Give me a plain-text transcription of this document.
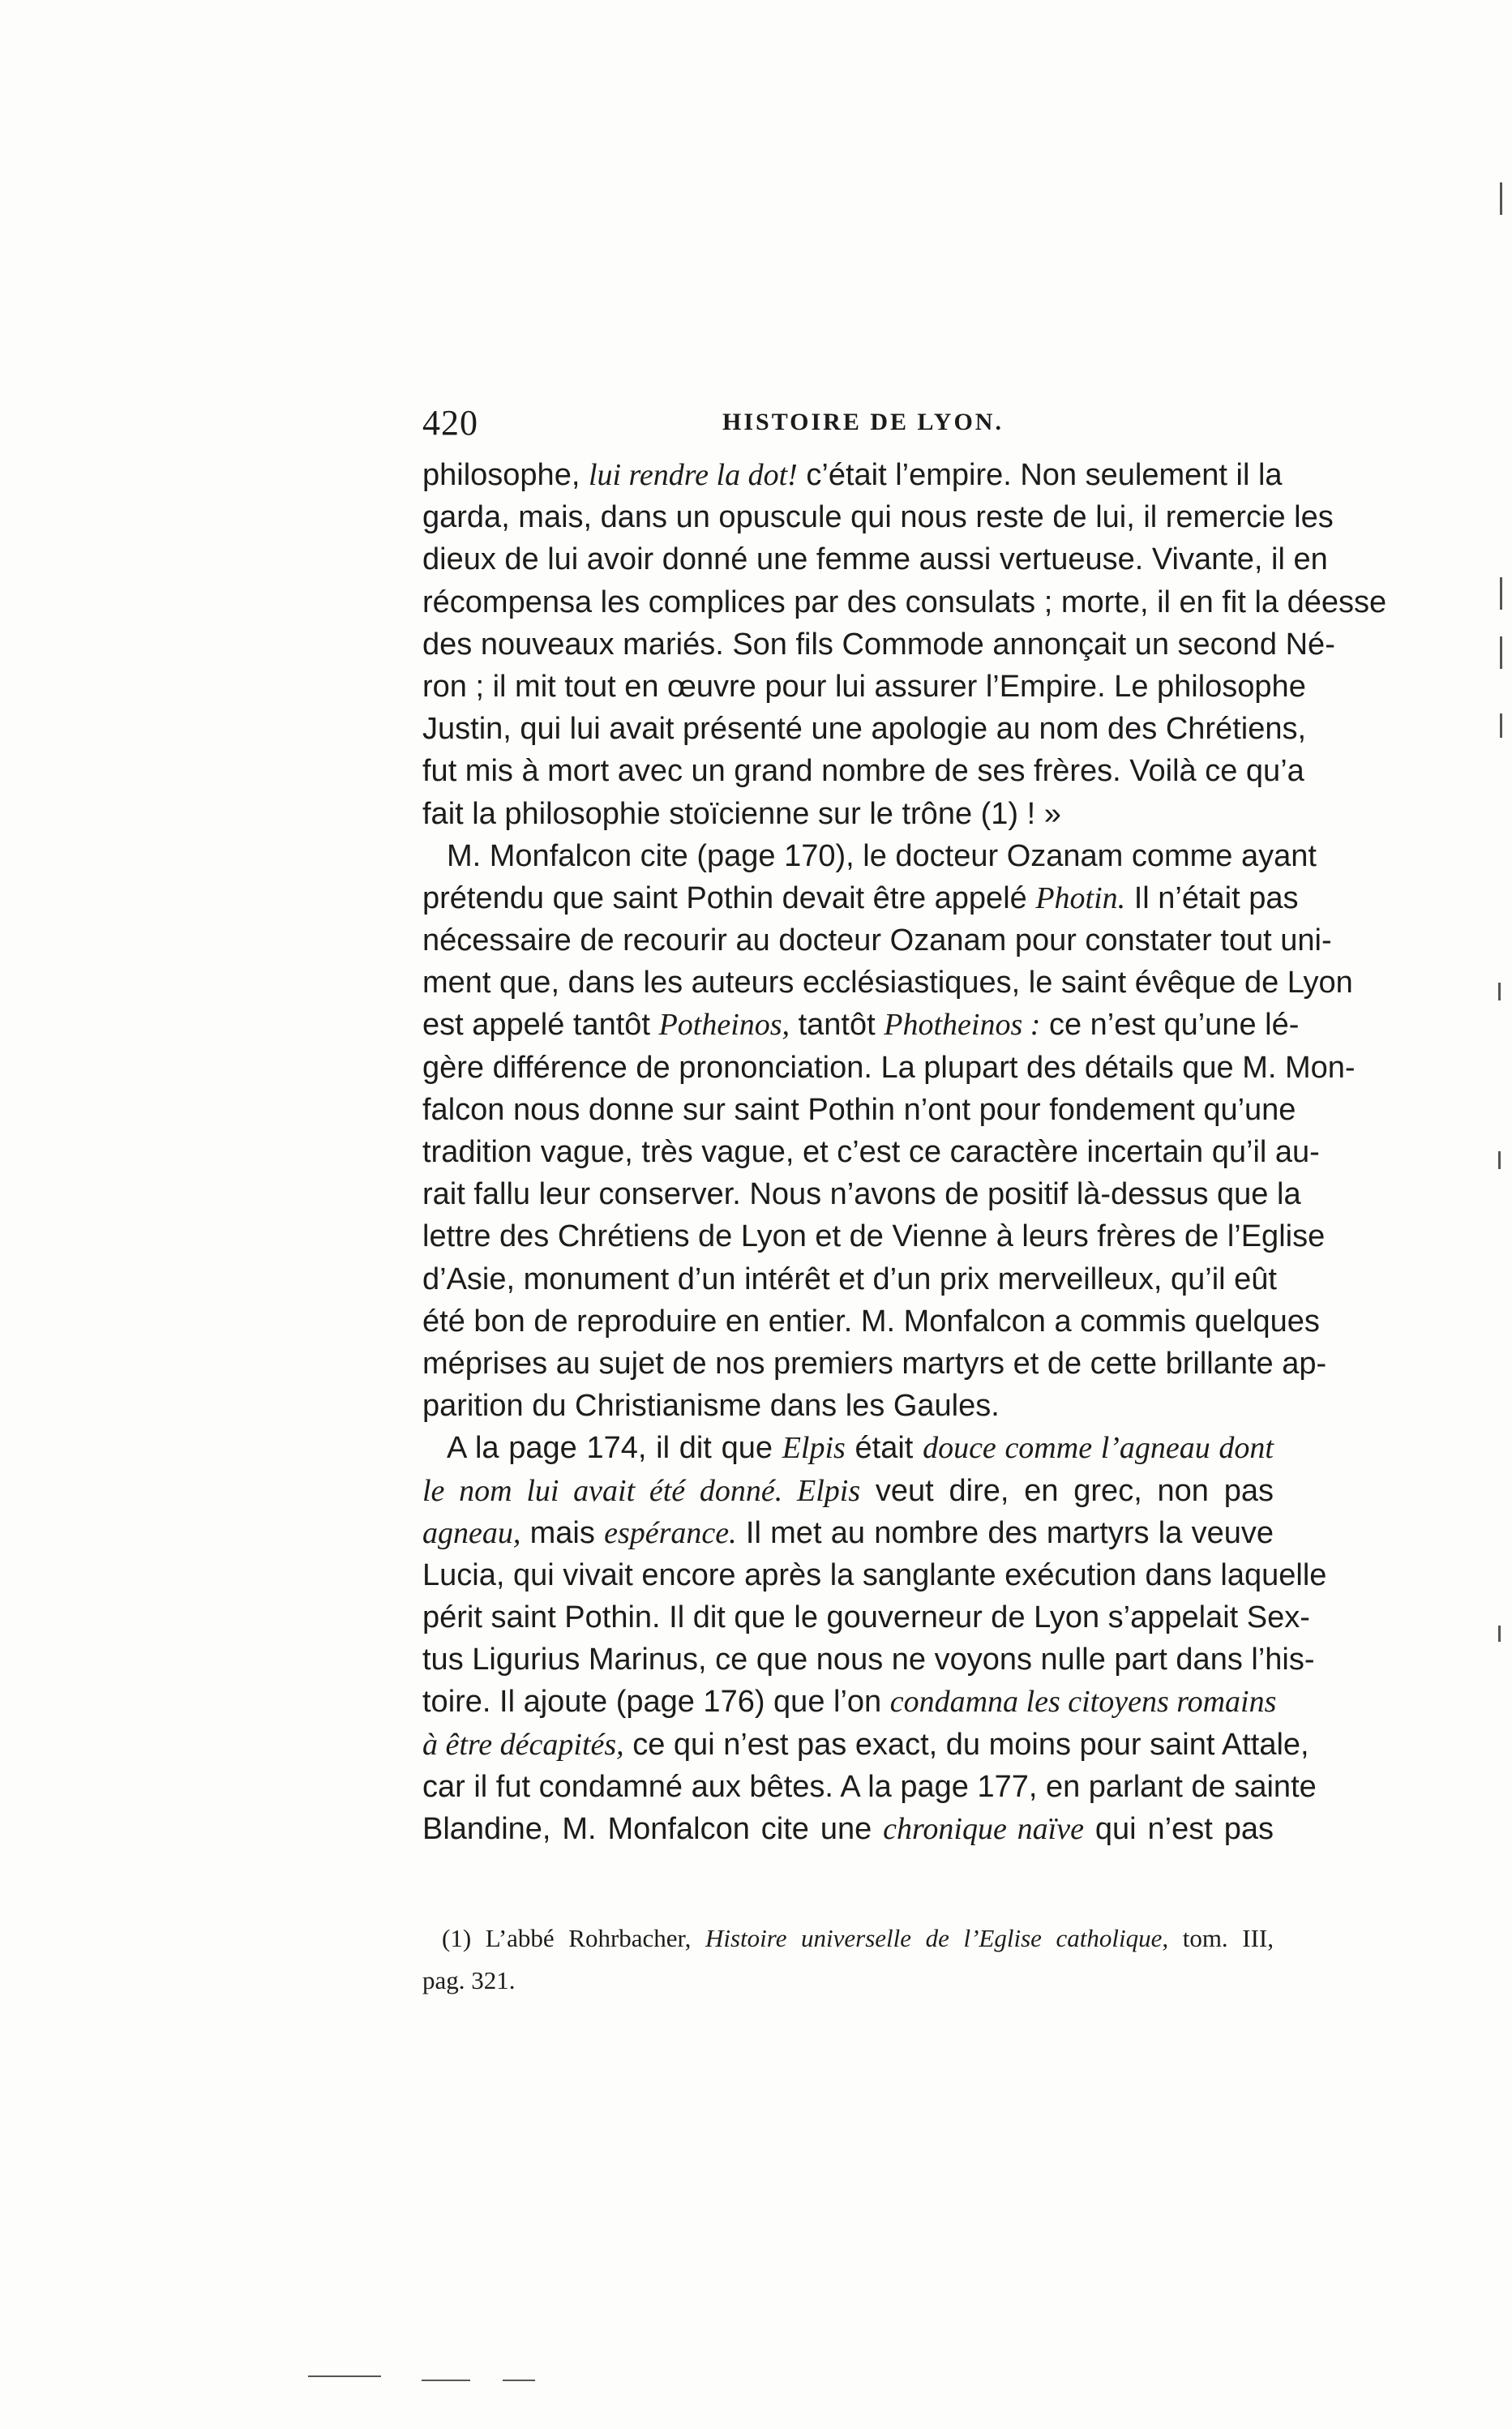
420	HISTOIRE DE LYON.
philosophe, lui rendre la dot! c’était l’empire. Non seulement il la
garda, mais, dans un opuscule qui nous reste de lui, il remercie les
dieux de lui avoir donné une femme aussi vertueuse. Vivante, il en
récompensa les complices par des consulats ; morte, il en fit la déesse
des nouveaux mariés. Son fils Commode annonçait un second Né-
ron ; il mit tout en œuvre pour lui assurer l’Empire. Le philosophe
Justin, qui lui avait présenté une apologie au nom des Chrétiens,
fut mis à mort avec un grand nombre de ses frères. Voilà ce qu’a
fait la philosophie stoïcienne sur le trône (1) ! »
M. Monfalcon cite (page 170), le docteur Ozanam comme ayant
prétendu que saint Pothin devait être appelé Photin. Il n’était pas
nécessaire de recourir au docteur Ozanam pour constater tout uni-
ment que, dans les auteurs ecclésiastiques, le saint évêque de Lyon
est appelé tantôt Potheinos, tantôt Photheinos : ce n’est qu’une lé-
gère différence de prononciation. La plupart des détails que M. Mon-
falcon nous donne sur saint Pothin n’ont pour fondement qu’une
tradition vague, très vague, et c’est ce caractère incertain qu’il au-
rait fallu leur conserver. Nous n’avons de positif là-dessus que la
lettre des Chrétiens de Lyon et de Vienne à leurs frères de l’Eglise
d’Asie, monument d’un intérêt et d’un prix merveilleux, qu’il eût
été bon de reproduire en entier. M. Monfalcon a commis quelques
méprises au sujet de nos premiers martyrs et de cette brillante ap-
parition du Christianisme dans les Gaules.
A la page 174, il dit que Elpis était douce comme l’agneau dont
le nom lui avait été donné. Elpis veut dire, en grec, non pas
agneau, mais espérance. Il met au nombre des martyrs la veuve
Lucia, qui vivait encore après la sanglante exécution dans laquelle
périt saint Pothin. Il dit que le gouverneur de Lyon s’appelait Sex-
tus Ligurius Marinus, ce que nous ne voyons nulle part dans l’his-
toire. Il ajoute (page 176) que l’on condamna les citoyens romains
à être décapités, ce qui n’est pas exact, du moins pour saint Attale,
car il fut condamné aux bêtes. A la page 177, en parlant de sainte
Blandine, M. Monfalcon cite une chronique naïve qui n’est pas
(1) L’abbé Rohrbacher, Histoire universelle de l’Eglise catholique, tom. III,
pag. 321.
